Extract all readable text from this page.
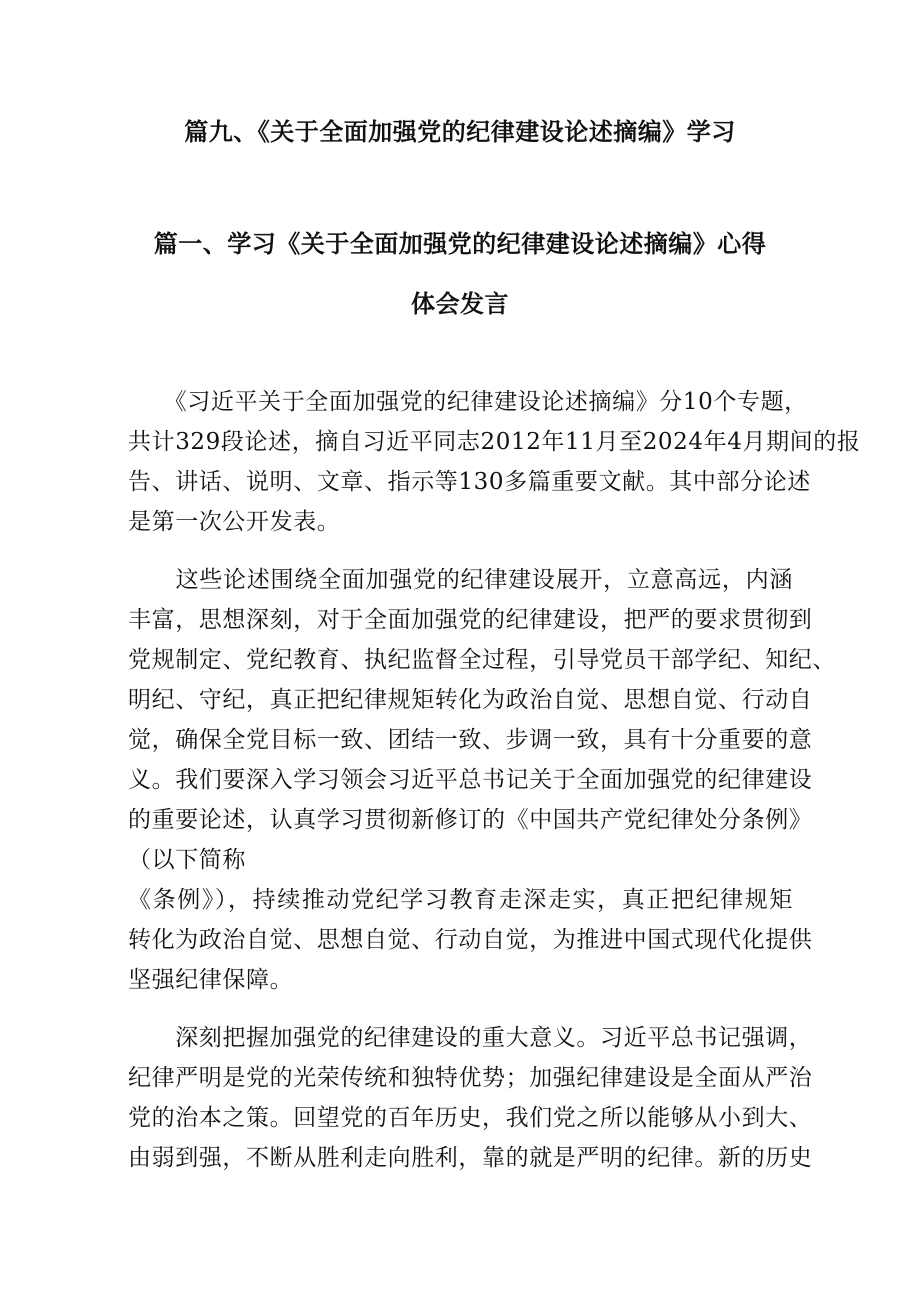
篇九、《关于全面加强党的纪律建设论述摘编》学习
篇一、学习《关于全面加强党的纪律建设论述摘编》心得
体会发言
　　《习近平关于全面加强党的纪律建设论述摘编》分10个专题，
共计329段论述，摘自习近平同志2012年11月至2024年4月期间的报
告、讲话、说明、文章、指示等130多篇重要文献。其中部分论述
是第一次公开发表。
　　这些论述围绕全面加强党的纪律建设展开，立意高远，内涵
丰富，思想深刻，对于全面加强党的纪律建设，把严的要求贯彻到
党规制定、党纪教育、执纪监督全过程，引导党员干部学纪、知纪、
明纪、守纪，真正把纪律规矩转化为政治自觉、思想自觉、行动自
觉，确保全党目标一致、团结一致、步调一致，具有十分重要的意
义。我们要深入学习领会习近平总书记关于全面加强党的纪律建设
的重要论述，认真学习贯彻新修订的《中国共产党纪律处分条例》
（以下简称
《条例》），持续推动党纪学习教育走深走实，真正把纪律规矩
转化为政治自觉、思想自觉、行动自觉，为推进中国式现代化提供
坚强纪律保障。
　　深刻把握加强党的纪律建设的重大意义。习近平总书记强调，
纪律严明是党的光荣传统和独特优势；加强纪律建设是全面从严治
党的治本之策。回望党的百年历史，我们党之所以能够从小到大、
由弱到强，不断从胜利走向胜利，靠的就是严明的纪律。新的历史
